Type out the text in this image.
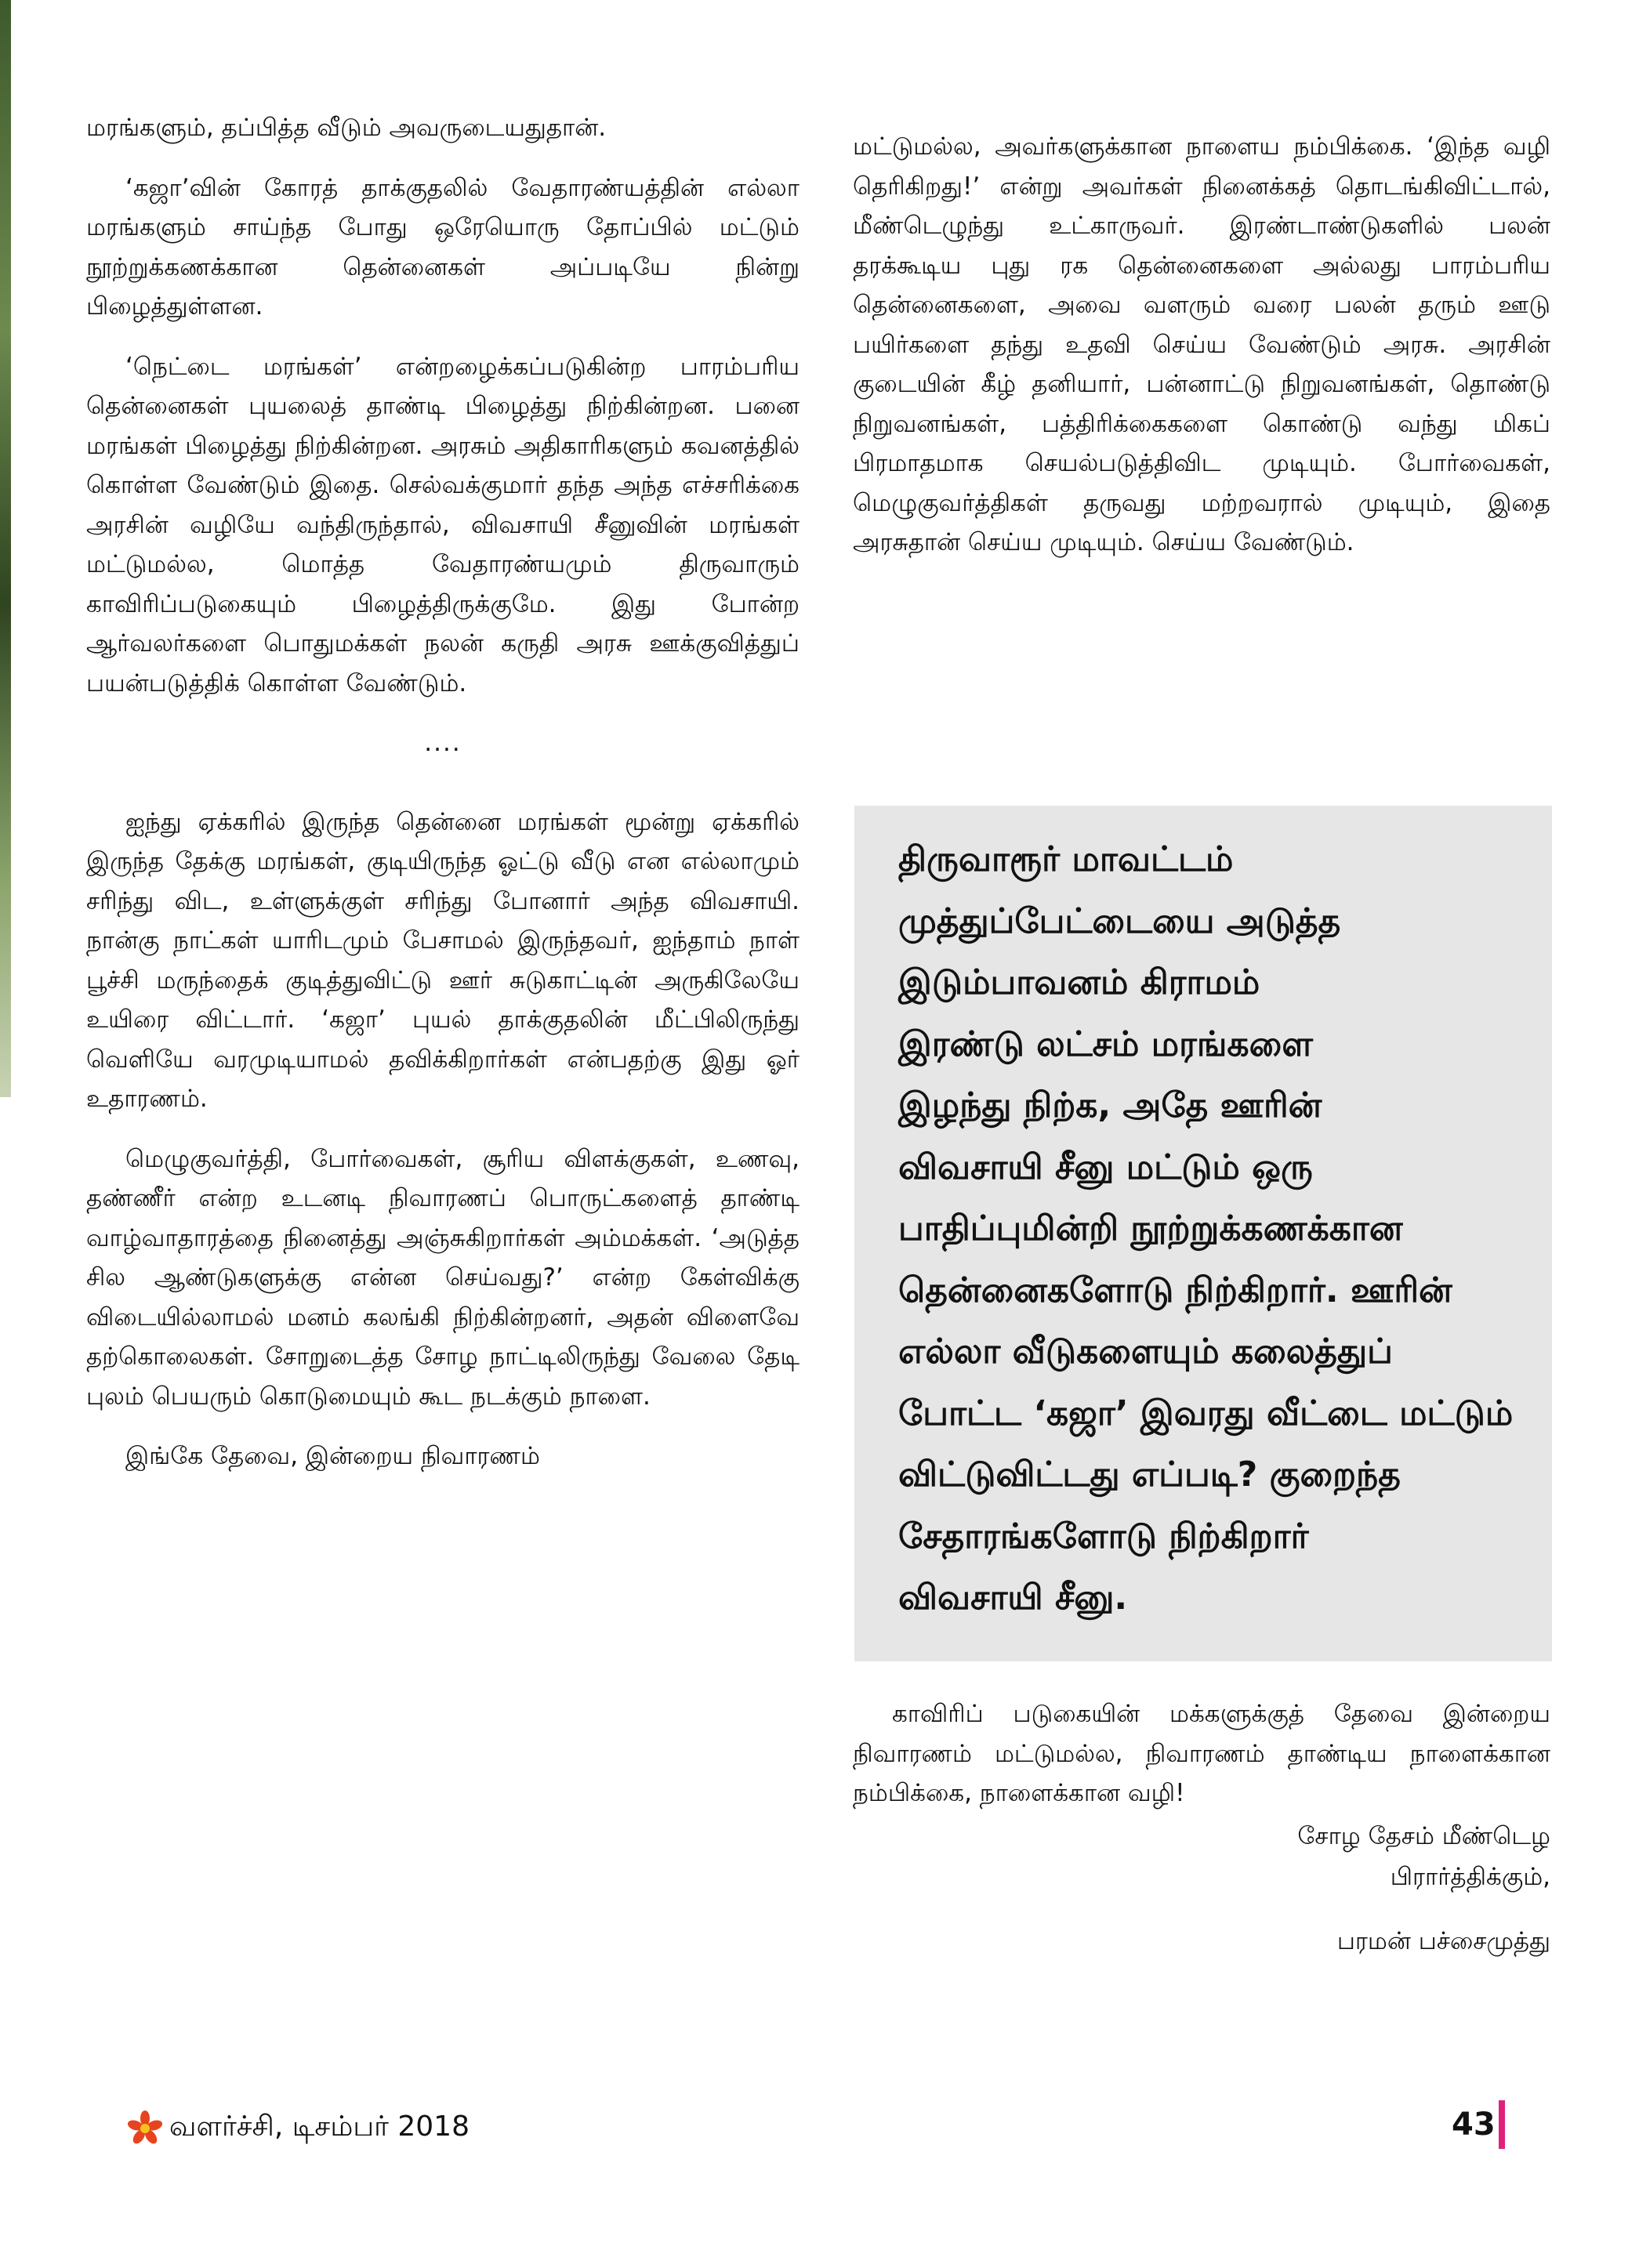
மரங்களும், தப்பித்த வீடும் அவருடையதுதான்.

‘கஜா’வின் கோரத் தாக்குதலில் வேதாரண்யத்தின் எல்லா மரங்களும் சாய்ந்த போது ஒரேயொரு தோப்பில் மட்டும் நூற்றுக்கணக்கான தென்னைகள் அப்படியே நின்று பிழைத்துள்ளன.

‘நெட்டை மரங்கள்’ என்றழைக்கப்படுகின்ற பாரம்பரிய தென்னைகள் புயலைத் தாண்டி பிழைத்து நிற்கின்றன. பனை மரங்கள் பிழைத்து நிற்கின்றன. அரசும் அதிகாரிகளும் கவனத்தில் கொள்ள வேண்டும் இதை. செல்வக்குமார் தந்த அந்த எச்சரிக்கை அரசின் வழியே வந்திருந்தால், விவசாயி சீனுவின் மரங்கள் மட்டுமல்ல, மொத்த வேதாரண்யமும் திருவாரும் காவிரிப்படுகையும் பிழைத்திருக்குமே. இது போன்ற ஆர்வலர்களை பொதுமக்கள் நலன் கருதி அரசு ஊக்குவித்துப் பயன்படுத்திக் கொள்ள வேண்டும்.

....

ஐந்து ஏக்கரில் இருந்த தென்னை மரங்கள் மூன்று ஏக்கரில் இருந்த தேக்கு மரங்கள், குடியிருந்த ஓட்டு வீடு என எல்லாமும் சரிந்து விட, உள்ளுக்குள் சரிந்து போனார் அந்த விவசாயி. நான்கு நாட்கள் யாரிடமும் பேசாமல் இருந்தவர், ஐந்தாம் நாள் பூச்சி மருந்தைக் குடித்துவிட்டு ஊர் சுடுகாட்டின் அருகிலேயே உயிரை விட்டார். ‘கஜா’ புயல் தாக்குதலின் மீட்பிலிருந்து வெளியே வரமுடியாமல் தவிக்கிறார்கள் என்பதற்கு இது ஓர் உதாரணம்.

மெழுகுவர்த்தி, போர்வைகள், சூரிய விளக்குகள், உணவு, தண்ணீர் என்ற உடனடி நிவாரணப் பொருட்களைத் தாண்டி வாழ்வாதாரத்தை நினைத்து அஞ்சுகிறார்கள் அம்மக்கள். ‘அடுத்த சில ஆண்டுகளுக்கு என்ன செய்வது?’ என்ற கேள்விக்கு விடையில்லாமல் மனம் கலங்கி நிற்கின்றனர், அதன் விளைவே தற்கொலைகள். சோறுடைத்த சோழ நாட்டிலிருந்து வேலை தேடி புலம் பெயரும் கொடுமையும் கூட நடக்கும் நாளை.

இங்கே தேவை, இன்றைய நிவாரணம்

மட்டுமல்ல, அவர்களுக்கான நாளைய நம்பிக்கை. ‘இந்த வழி தெரிகிறது!’ என்று அவர்கள் நினைக்கத் தொடங்கிவிட்டால், மீண்டெழுந்து உட்காருவர். இரண்டாண்டுகளில் பலன் தரக்கூடிய புது ரக தென்னைகளை அல்லது பாரம்பரிய தென்னைகளை, அவை வளரும் வரை பலன் தரும் ஊடு பயிர்களை தந்து உதவி செய்ய வேண்டும் அரசு. அரசின் குடையின் கீழ் தனியார், பன்னாட்டு நிறுவனங்கள், தொண்டு நிறுவனங்கள், பத்திரிக்கைகளை கொண்டு வந்து மிகப் பிரமாதமாக செயல்படுத்திவிட முடியும். போர்வைகள், மெழுகுவர்த்திகள் தருவது மற்றவரால் முடியும், இதை அரசுதான் செய்ய முடியும். செய்ய வேண்டும்.

திருவாரூர் மாவட்டம்
முத்துப்பேட்டையை அடுத்த
இடும்பாவனம் கிராமம்
இரண்டு லட்சம் மரங்களை
இழந்து நிற்க, அதே ஊரின்
விவசாயி சீனு மட்டும் ஒரு
பாதிப்புமின்றி நூற்றுக்கணக்கான
தென்னைகளோடு நிற்கிறார். ஊரின்
எல்லா வீடுகளையும் கலைத்துப்
போட்ட ‘கஜா’ இவரது வீட்டை மட்டும்
விட்டுவிட்டது எப்படி? குறைந்த
சேதாரங்களோடு நிற்கிறார்
விவசாயி சீனு.

காவிரிப் படுகையின் மக்களுக்குத் தேவை இன்றைய நிவாரணம் மட்டுமல்ல, நிவாரணம் தாண்டிய நாளைக்கான நம்பிக்கை, நாளைக்கான வழி!

சோழ தேசம் மீண்டெழ
பிரார்த்திக்கும்,
பரமன் பச்சைமுத்து
வளர்ச்சி, டிசம்பர் 2018	43
